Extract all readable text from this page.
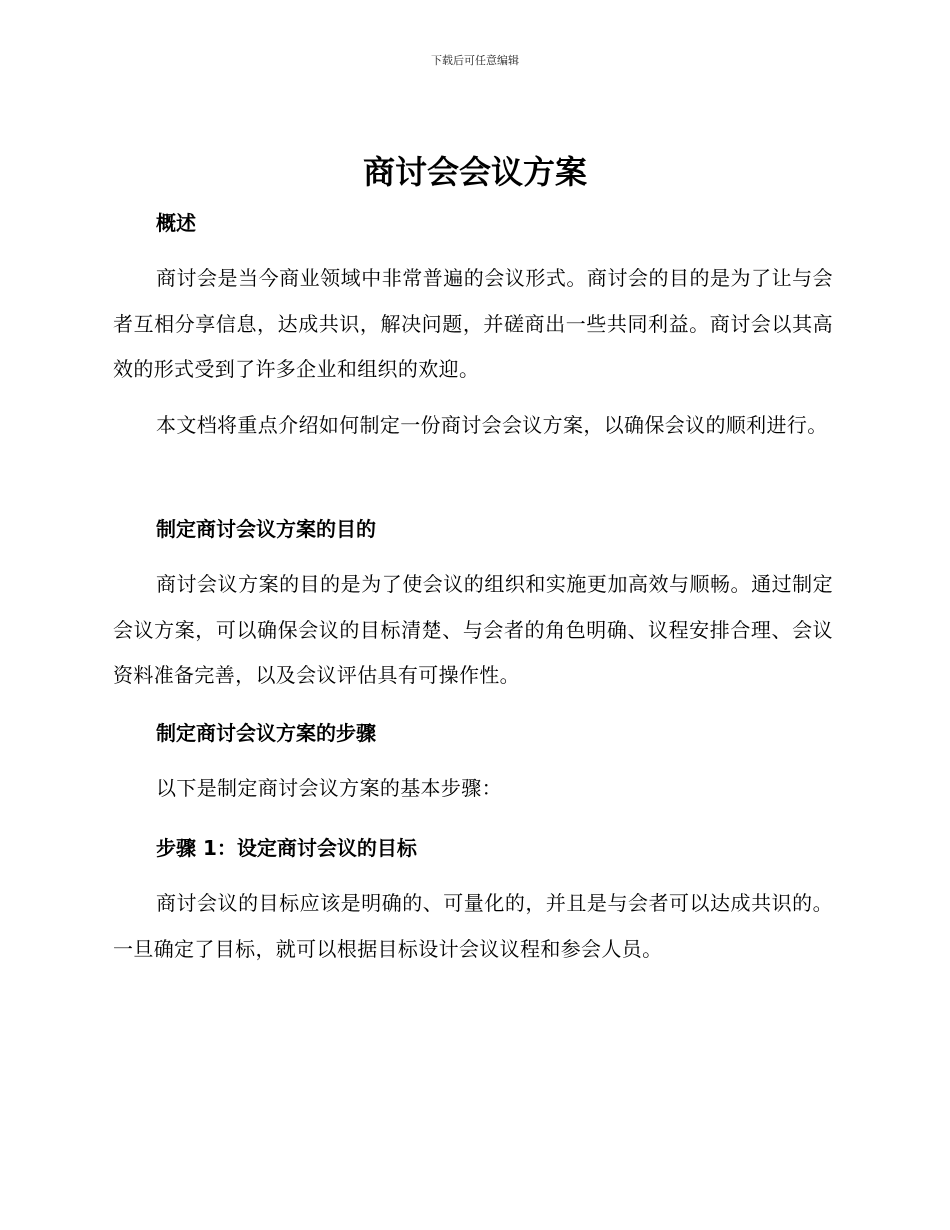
下载后可任意编辑
商讨会会议方案
概述

商讨会是当今商业领域中非常普遍的会议形式。商讨会的目的是为了让与会者互相分享信息，达成共识，解决问题，并磋商出一些共同利益。商讨会以其高效的形式受到了许多企业和组织的欢迎。

本文档将重点介绍如何制定一份商讨会会议方案，以确保会议的顺利进行。

制定商讨会议方案的目的

商讨会议方案的目的是为了使会议的组织和实施更加高效与顺畅。通过制定会议方案，可以确保会议的目标清楚、与会者的角色明确、议程安排合理、会议资料准备完善，以及会议评估具有可操作性。

制定商讨会议方案的步骤

以下是制定商讨会议方案的基本步骤：

步骤 1：设定商讨会议的目标

商讨会议的目标应该是明确的、可量化的，并且是与会者可以达成共识的。一旦确定了目标，就可以根据目标设计会议议程和参会人员。
